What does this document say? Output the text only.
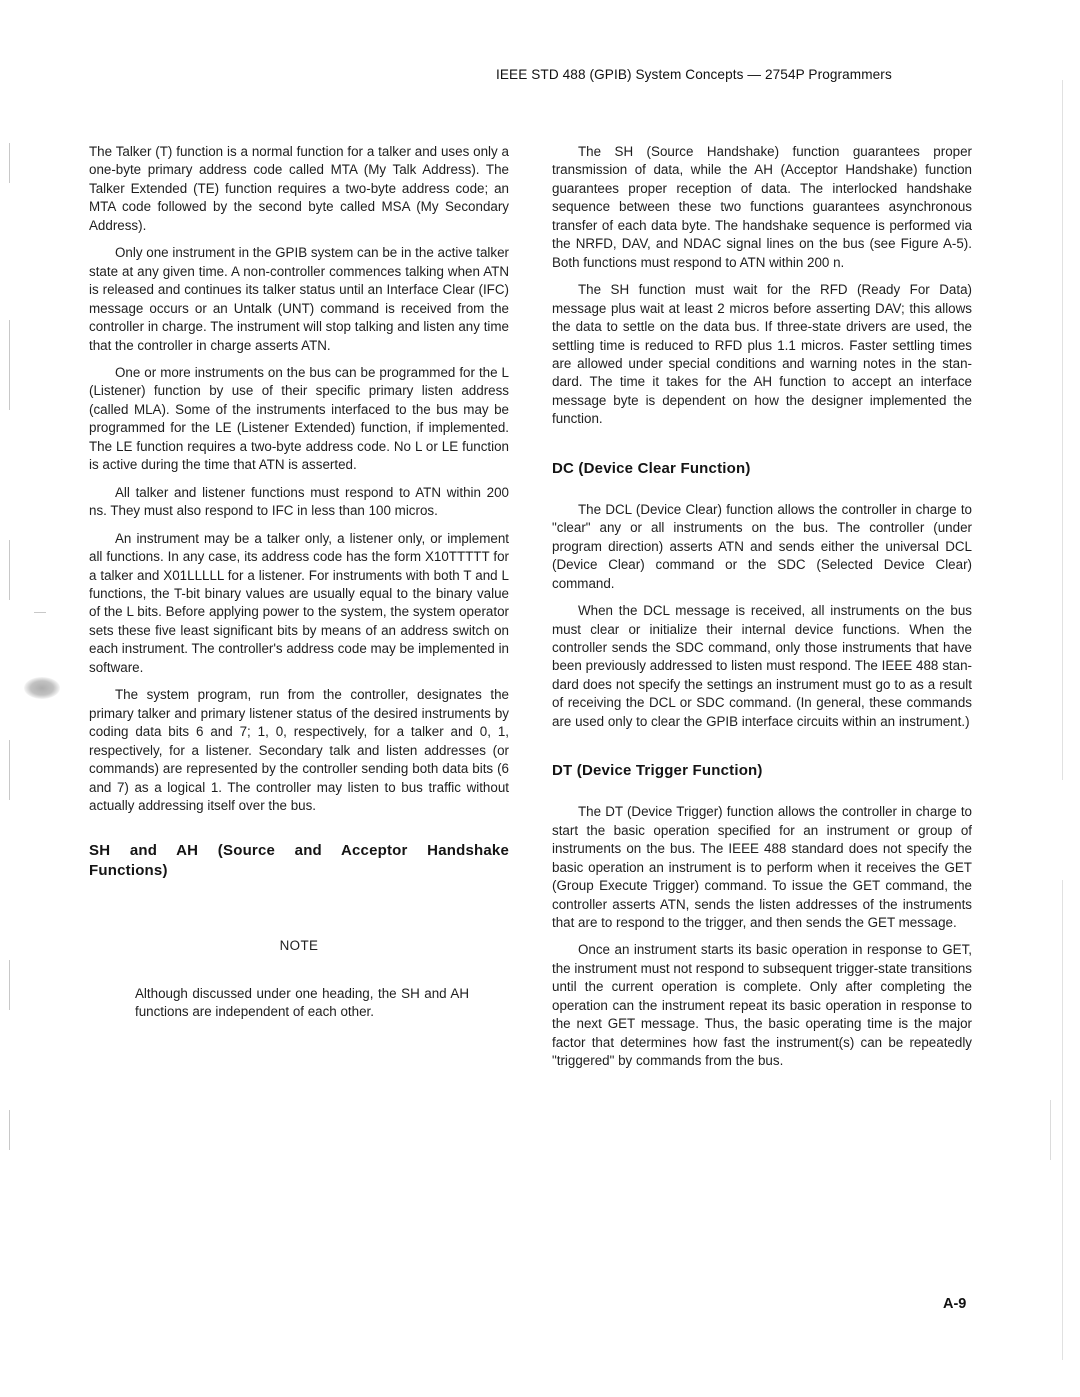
IEEE STD 488 (GPIB) System Concepts — 2754P Programmers

The Talker (T) function is a normal function for a talker and uses only a one-byte primary address code called MTA (My Talk Address). The Talker Extended (TE) function requires a two-byte address code; an MTA code followed by the second byte called MSA (My Secondary Address).

Only one instrument in the GPIB system can be in the active talker state at any given time. A non-controller commences talking when ATN is released and continues its talker status until an Interface Clear (IFC) message occurs or an Untalk (UNT) command is received from the controller in charge. The instrument will stop talking and listen any time that the controller in charge asserts ATN.

One or more instruments on the bus can be programmed for the L (Listener) function by use of their specific primary listen address (called MLA). Some of the instruments interfaced to the bus may be programmed for the LE (Listener Extended) function, if implemented. The LE function requires a two-byte address code. No L or LE function is active during the time that ATN is asserted.

All talker and listener functions must respond to ATN within 200 ns. They must also respond to IFC in less than 100 micros.

An instrument may be a talker only, a listener only, or implement all functions. In any case, its address code has the form X10TTTTT for a talker and X01LLLLL for a listener. For instruments with both T and L functions, the T-bit binary values are usually equal to the binary value of the L bits. Before applying power to the system, the system operator sets these five least significant bits by means of an address switch on each instrument. The controller's address code may be implemented in software.

The system program, run from the controller, designates the primary talker and primary listener status of the desired instruments by coding data bits 6 and 7; 1, 0, respectively, for a talker and 0, 1, respectively, for a listener. Secondary talk and listen addresses (or commands) are represented by the controller sending both data bits (6 and 7) as a logical 1. The controller may listen to bus traffic without actually addressing itself over the bus.

SH and AH (Source and Acceptor Handshake Functions)
NOTE
Although discussed under one heading, the SH and AH functions are independent of each other.

The SH (Source Handshake) function guarantees proper transmission of data, while the AH (Acceptor Handshake) function guarantees proper reception of data. The interlocked handshake sequence between these two functions guarantees asynchronous transfer of each data byte. The handshake sequence is performed via the NRFD, DAV, and NDAC signal lines on the bus (see Figure A-5). Both functions must respond to ATN within 200 n.

The SH function must wait for the RFD (Ready For Data) message plus wait at least 2 micros before asserting DAV; this allows the data to settle on the data bus. If three-state drivers are used, the settling time is reduced to RFD plus 1.1 micros. Faster settling times are allowed under special conditions and warning notes in the standard. The time it takes for the AH function to accept an interface message byte is dependent on how the designer implemented the function.

DC (Device Clear Function)

The DCL (Device Clear) function allows the controller in charge to "clear" any or all instruments on the bus. The controller (under program direction) asserts ATN and sends either the universal DCL (Device Clear) command or the SDC (Selected Device Clear) command.

When the DCL message is received, all instruments on the bus must clear or initialize their internal device functions. When the controller sends the SDC command, only those instruments that have been previously addressed to listen must respond. The IEEE 488 standard does not specify the settings an instrument must go to as a result of receiving the DCL or SDC command. (In general, these commands are used only to clear the GPIB interface circuits within an instrument.)

DT (Device Trigger Function)

The DT (Device Trigger) function allows the controller in charge to start the basic operation specified for an instrument or group of instruments on the bus. The IEEE 488 standard does not specify the basic operation an instrument is to perform when it receives the GET (Group Execute Trigger) command. To issue the GET command, the controller asserts ATN, sends the listen addresses of the instruments that are to respond to the trigger, and then sends the GET message.

Once an instrument starts its basic operation in response to GET, the instrument must not respond to subsequent trigger-state transitions until the current operation is complete. Only after completing the operation can the instrument repeat its basic operation in response to the next GET message. Thus, the basic operating time is the major factor that determines how fast the instrument(s) can be repeatedly "triggered" by commands from the bus.

A-9
